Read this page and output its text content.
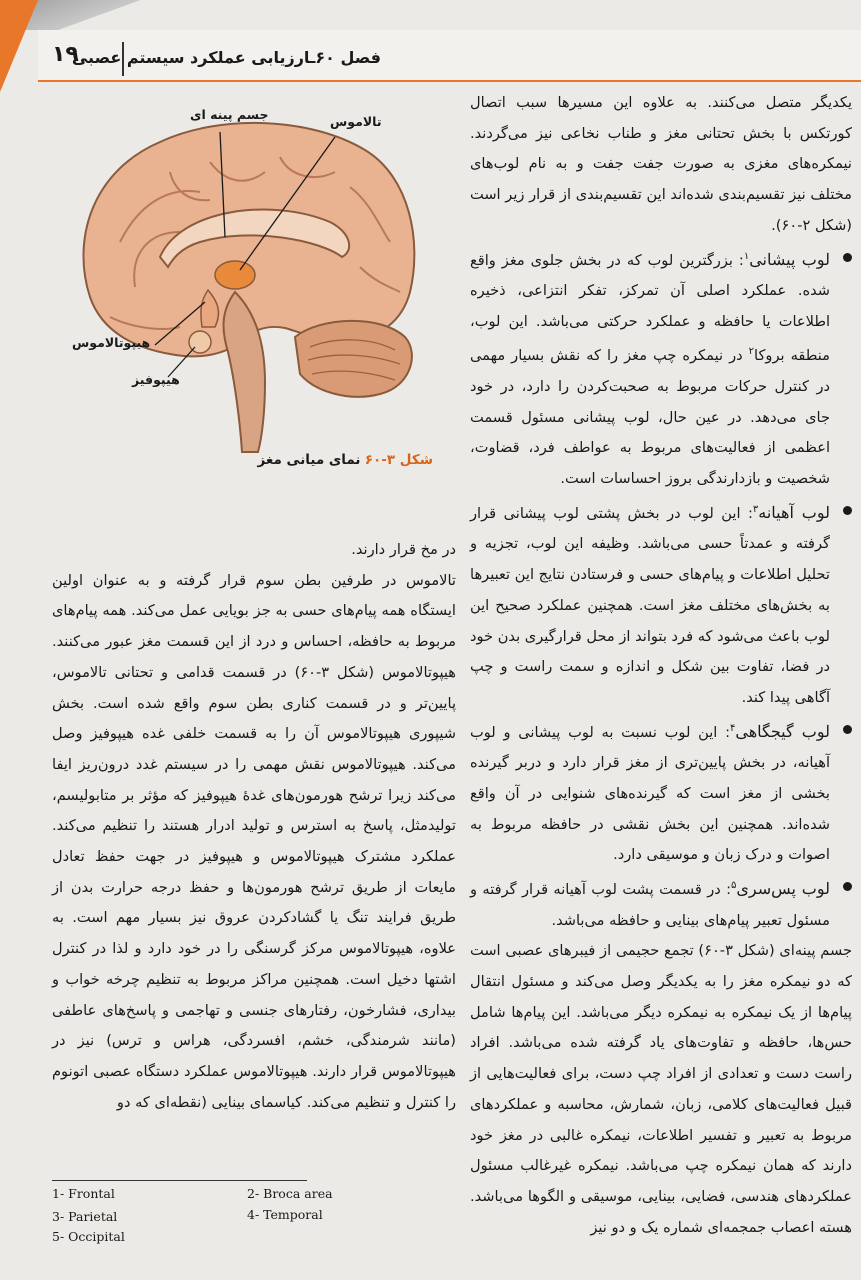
۱۹
فصل ۶۰ـارزیابی عملکرد سیستم عصبی

یکدیگر متصل می‌کنند. به علاوه این مسیرها سبب اتصال کورتکس با بخش تحتانی مغز و طناب نخاعی نیز می‌گردند. نیمکره‌های مغزی به صورت جفت جفت و به نام لوب‌های مختلف نیز تقسیم‌بندی شده‌اند این تقسیم‌بندی از قرار زیر است (شکل ۲-۶۰).

لوب پیشانی$^۱$: بزرگترین لوب که در بخش جلوی مغز واقع شده. عملکرد اصلی آن تمرکز، تفکر انتزاعی، ذخیره اطلاعات یا حافظه و عملکرد حرکتی می‌باشد. این لوب، منطقه بروکا$^۲$ در نیمکره چپ مغز را که نقش بسیار مهمی در کنترل حرکات مربوط به صحبت‌کردن را دارد، در خود جای می‌دهد. در عین حال، لوب پیشانی مسئول قسمت اعظمی از فعالیت‌های مربوط به عواطف فرد، قضاوت، شخصیت و بازدارندگی بروز احساسات است.

لوب آهیانه$^۳$: این لوب در بخش پشتی لوب پیشانی قرار گرفته و عمدتاً حسی می‌باشد. وظیفه این لوب، تجزیه و تحلیل اطلاعات و پیام‌های حسی و فرستادن نتایج این تعبیرها به بخش‌های مختلف مغز است. همچنین عملکرد صحیح این لوب باعث می‌شود که فرد بتواند از محل قرارگیری بدن خود در فضا، تفاوت بین شکل و اندازه و سمت راست و چپ آگاهی پیدا کند.

لوب گیجگاهی$^۴$: این لوب نسبت به لوب پیشانی و لوب آهیانه، در بخش پایین‌تری از مغز قرار دارد و دربر گیرنده بخشی از مغز است که گیرنده‌های شنوایی در آن واقع شده‌اند. همچنین این بخش نقشی در حافظه مربوط به اصوات و درک زبان و موسیقی دارد.

لوب پس‌سری$^۵$: در قسمت پشت لوب آهیانه قرار گرفته و مسئول تعبیر پیام‌های بینایی و حافظه می‌باشد.

جسم پینه‌ای (شکل ۳-۶۰) تجمع حجیمی از فیبرهای عصبی است که دو نیمکره مغز را به یکدیگر وصل می‌کند و مسئول انتقال پیام‌ها از یک نیمکره به نیمکره دیگر می‌باشد. این پیام‌ها شامل حس‌ها، حافظه و تفاوت‌های یاد گرفته شده می‌باشد. افراد راست دست و تعدادی از افراد چپ دست، برای فعالیت‌هایی از قبیل فعالیت‌های کلامی، زبان، شمارش، محاسبه و عملکردهای مربوط به تعبیر و تفسیر اطلاعات، نیمکره غالبی در مغز خود دارند که همان نیمکره چپ می‌باشد. نیمکره غیرغالب مسئول عملکردهای هندسی، فضایی، بینایی، موسیقی و الگوها می‌باشد. هسته اعصاب جمجمه‌ای شماره یک و دو نیز

جسم پینه ای	تالاموس
هیپوتالاموس
هیپوفیز
شکل ۳-۶۰ نمای میانی مغز

در مخ قرار دارند.

تالاموس در طرفین بطن سوم قرار گرفته و به عنوان اولین ایستگاه همه پیام‌های حسی به جز بویایی عمل می‌کند. همه پیام‌های مربوط به حافظه، احساس و درد از این قسمت مغز عبور می‌کنند. هیپوتالاموس (شکل ۳-۶۰) در قسمت قدامی و تحتانی تالاموس، پایین‌تر و در قسمت کناری بطن سوم واقع شده است. بخش شیپوری هیپوتالاموس آن را به قسمت خلفی غده هیپوفیز وصل می‌کند. هیپوتالاموس نقش مهمی را در سیستم غدد درون‌ریز ایفا می‌کند زیرا ترشح هورمون‌های غدهٔ هیپوفیز که مؤثر بر متابولیسم، تولیدمثل، پاسخ به استرس و تولید ادرار هستند را تنظیم می‌کند. عملکرد مشترک هیپوتالاموس و هیپوفیز در جهت حفظ تعادل مایعات از طریق ترشح هورمون‌ها و حفظ درجه حرارت بدن از طریق فرایند تنگ یا گشادکردن عروق نیز بسیار مهم است. به علاوه، هیپوتالاموس مرکز گرسنگی را در خود دارد و لذا در کنترل اشتها دخیل است. همچنین مراکز مربوط به تنظیم چرخه خواب و بیداری، فشارخون، رفتارهای جنسی و تهاجمی و پاسخ‌های عاطفی (مانند شرمندگی، خشم، افسردگی، هراس و ترس) نیز در هیپوتالاموس قرار دارند. هیپوتالاموس عملکرد دستگاه عصبی اتونوم را کنترل و تنظیم می‌کند. کیاسمای بینایی (نقطه‌ای که دو

1- Frontal	2- Broca area
3- Parietal	4- Temporal
5- Occipital
